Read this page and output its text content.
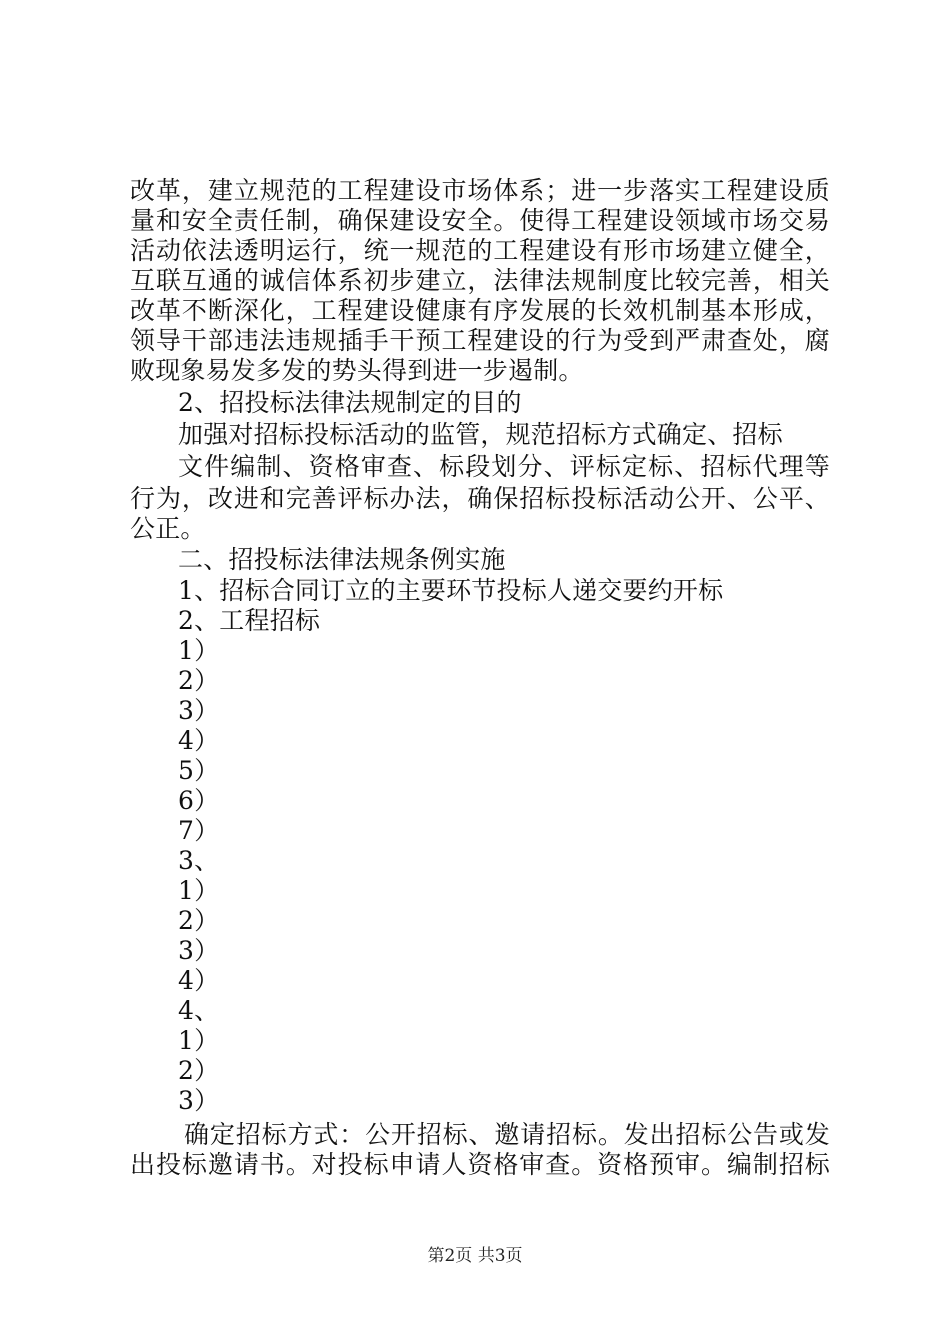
改革，建立规范的工程建设市场体系；进一步落实工程建设质
量和安全责任制，确保建设安全。使得工程建设领域市场交易
活动依法透明运行，统一规范的工程建设有形市场建立健全，
互联互通的诚信体系初步建立，法律法规制度比较完善，相关
改革不断深化，工程建设健康有序发展的长效机制基本形成，
领导干部违法违规插手干预工程建设的行为受到严肃查处，腐
败现象易发多发的势头得到进一步遏制。
2、招投标法律法规制定的目的
加强对招标投标活动的监管，规范招标方式确定、招标
文件编制、资格审查、标段划分、评标定标、招标代理等
行为，改进和完善评标办法，确保招标投标活动公开、公平、
公正。
二、招投标法律法规条例实施
1、招标合同订立的主要环节投标人递交要约开标
2、工程招标
1）
2）
3）
4）
5）
6）
7）
3、
1）
2）
3）
4）
4、
1）
2）
3）
确定招标方式：公开招标、邀请招标。发出招标公告或发
出投标邀请书。对投标申请人资格审查。资格预审。编制招标
第2页 共3页
